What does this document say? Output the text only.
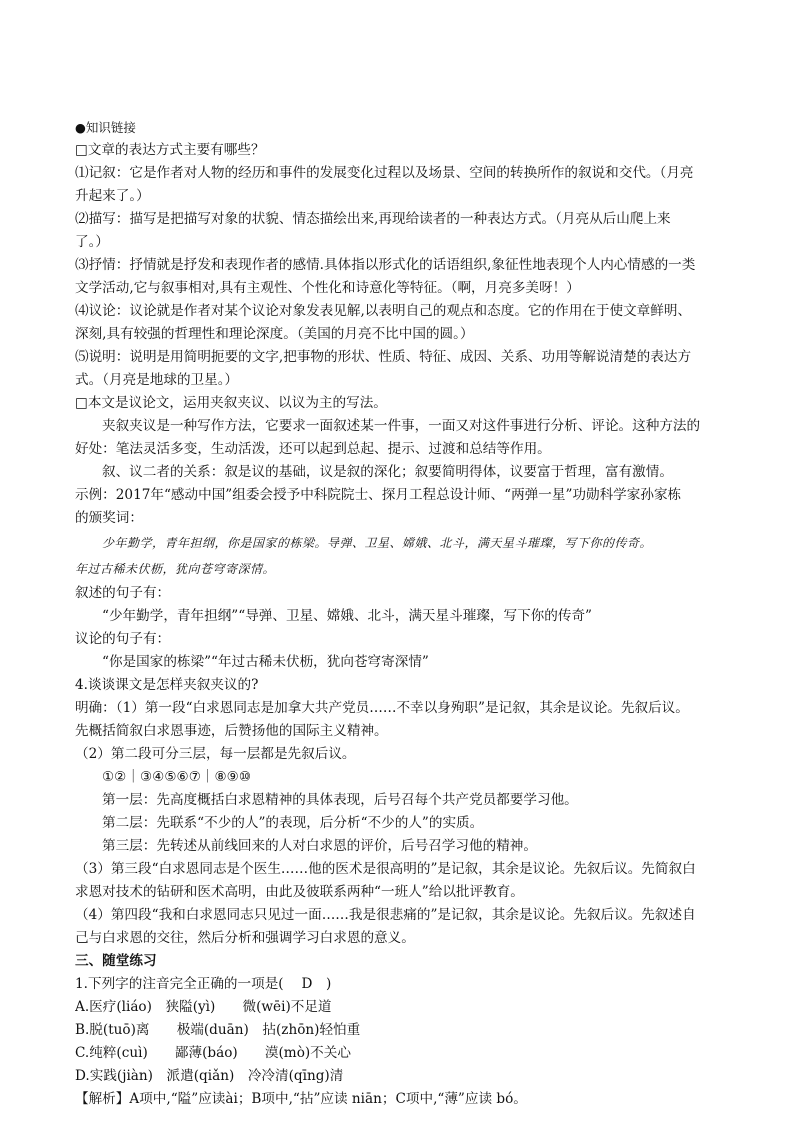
●知识链接
□文章的表达方式主要有哪些？
⑴记叙：它是作者对人物的经历和事件的发展变化过程以及场景、空间的转换所作的叙说和交代。（月亮
升起来了。）
⑵描写：描写是把描写对象的状貌、情态描绘出来,再现给读者的一种表达方式。（月亮从后山爬上来
了。）
⑶抒情：抒情就是抒发和表现作者的感情.具体指以形式化的话语组织,象征性地表现个人内心情感的一类
文学活动,它与叙事相对,具有主观性、个性化和诗意化等特征。（啊，月亮多美呀！）
⑷议论：议论就是作者对某个议论对象发表见解,以表明自己的观点和态度。它的作用在于使文章鲜明、
深刻,具有较强的哲理性和理论深度。（美国的月亮不比中国的圆。）
⑸说明：说明是用简明扼要的文字,把事物的形状、性质、特征、成因、关系、功用等解说清楚的表达方
式。（月亮是地球的卫星。）
□本文是议论文，运用夹叙夹议、以议为主的写法。
夹叙夹议是一种写作方法，它要求一面叙述某一件事，一面又对这件事进行分析、评论。这种方法的
好处：笔法灵活多变，生动活泼，还可以起到总起、提示、过渡和总结等作用。
叙、议二者的关系：叙是议的基础，议是叙的深化；叙要简明得体，议要富于哲理，富有激情。
示例：2017年“感动中国”组委会授予中科院院士、探月工程总设计师、“两弹一星”功勋科学家孙家栋
的颁奖词：
少年勤学，青年担纲，你是国家的栋梁。导弹、卫星、嫦娥、北斗，满天星斗璀璨，写下你的传奇。
年过古稀未伏枥，犹向苍穹寄深情。
叙述的句子有：
“少年勤学，青年担纲”“导弹、卫星、嫦娥、北斗，满天星斗璀璨，写下你的传奇”
议论的句子有：
“你是国家的栋梁”“年过古稀未伏枥，犹向苍穹寄深情”
4.谈谈课文是怎样夹叙夹议的?
明确：（1）第一段“白求恩同志是加拿大共产党员……不幸以身殉职”是记叙，其余是议论。先叙后议。
先概括简叙白求恩事迹，后赞扬他的国际主义精神。
（2）第二段可分三层，每一层都是先叙后议。
①②｜③④⑤⑥⑦｜⑧⑨⑩
第一层：先高度概括白求恩精神的具体表现，后号召每个共产党员都要学习他。
第二层：先联系“不少的人”的表现，后分析“不少的人”的实质。
第三层：先转述从前线回来的人对白求恩的评价，后号召学习他的精神。
（3）第三段“白求恩同志是个医生……他的医术是很高明的”是记叙，其余是议论。先叙后议。先简叙白
求恩对技术的钻研和医术高明，由此及彼联系两种“一班人”给以批评教育。
（4）第四段“我和白求恩同志只见过一面……我是很悲痛的”是记叙，其余是议论。先叙后议。先叙述自
己与白求恩的交往，然后分析和强调学习白求恩的意义。
三、随堂练习
1.下列字的注音完全正确的一项是(　 D　)
A.医疗(liáo)　狭隘(yì)　　微(wēi)不足道
B.脱(tuō)离　　极端(duān)　拈(zhōn)轻怕重
C.纯粹(cuì)　　鄙薄(báo)　　漠(mò)不关心
D.实践(jiàn)　派遣(qiǎn)　冷冷清(qīng)清
【解析】A项中,“隘”应读ài；B项中,“拈”应读 niān；C项中,“薄”应读 bó。
